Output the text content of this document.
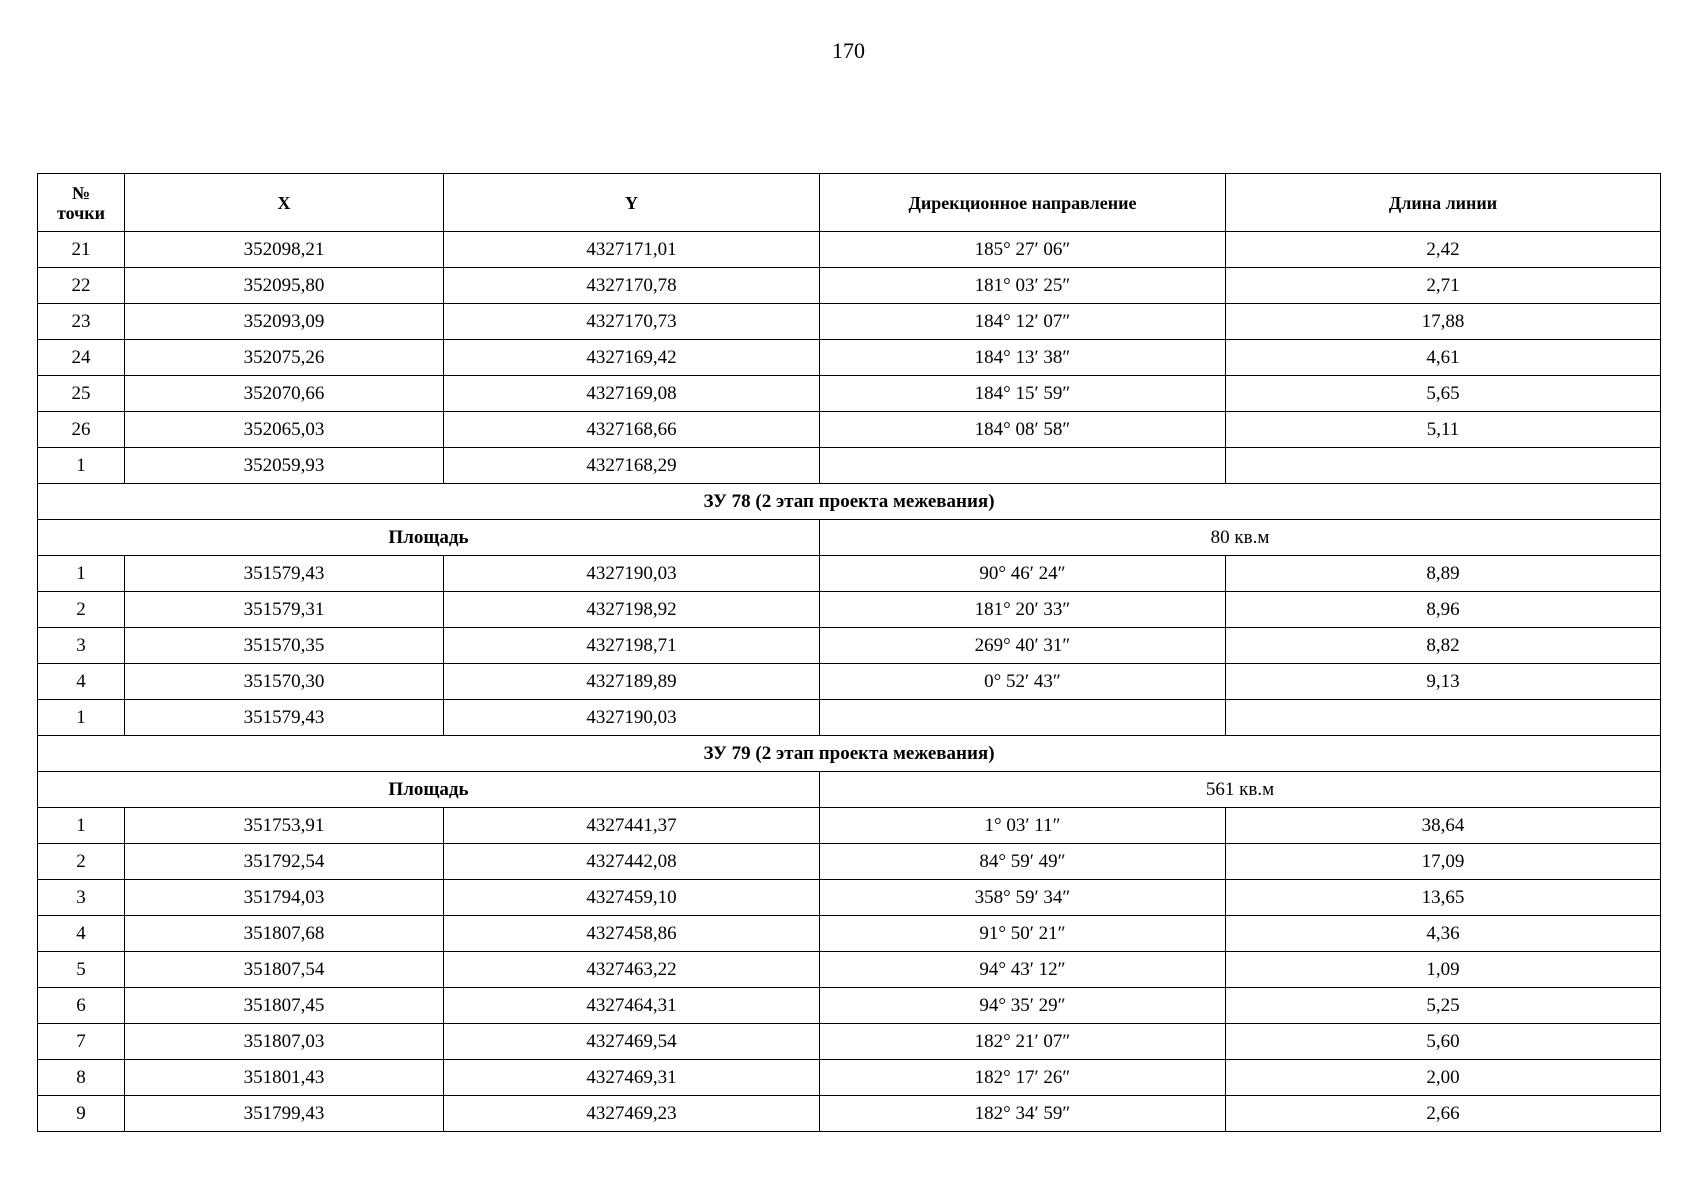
170
№
точки	X	Y	Дирекционное направление	Длина линии
21	352098,21	4327171,01	185° 27′ 06″	2,42
22	352095,80	4327170,78	181° 03′ 25″	2,71
23	352093,09	4327170,73	184° 12′ 07″	17,88
24	352075,26	4327169,42	184° 13′ 38″	4,61
25	352070,66	4327169,08	184° 15′ 59″	5,65
26	352065,03	4327168,66	184° 08′ 58″	5,11
1	352059,93	4327168,29		
ЗУ 78 (2 этап проекта межевания)				
Площадь			80 кв.м	
1	351579,43	4327190,03	90° 46′ 24″	8,89
2	351579,31	4327198,92	181° 20′ 33″	8,96
3	351570,35	4327198,71	269° 40′ 31″	8,82
4	351570,30	4327189,89	0° 52′ 43″	9,13
1	351579,43	4327190,03		
ЗУ 79 (2 этап проекта межевания)				
Площадь			561 кв.м	
1	351753,91	4327441,37	1° 03′ 11″	38,64
2	351792,54	4327442,08	84° 59′ 49″	17,09
3	351794,03	4327459,10	358° 59′ 34″	13,65
4	351807,68	4327458,86	91° 50′ 21″	4,36
5	351807,54	4327463,22	94° 43′ 12″	1,09
6	351807,45	4327464,31	94° 35′ 29″	5,25
7	351807,03	4327469,54	182° 21′ 07″	5,60
8	351801,43	4327469,31	182° 17′ 26″	2,00
9	351799,43	4327469,23	182° 34′ 59″	2,66
